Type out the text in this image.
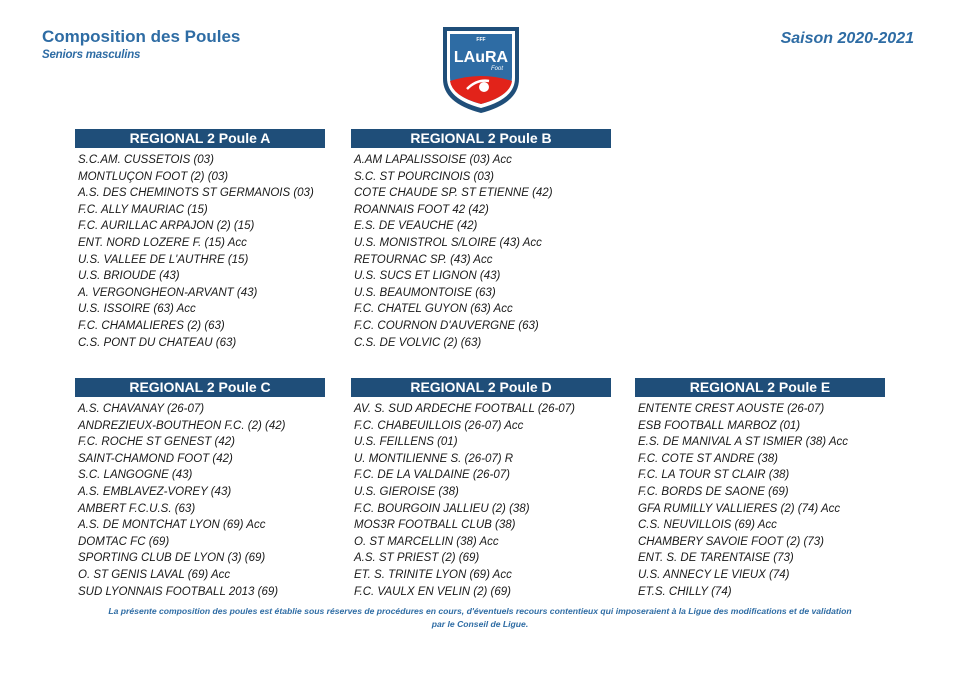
Composition des Poules
Seniors masculins
Saison 2020-2021
FFF
LAuRA
Foot
REGIONAL 2 Poule A
S.C.AM. CUSSETOIS (03)
MONTLUÇON FOOT (2) (03)
A.S. DES CHEMINOTS ST GERMANOIS (03)
F.C. ALLY MAURIAC (15)
F.C. AURILLAC ARPAJON (2) (15)
ENT. NORD LOZERE F. (15) Acc
U.S. VALLEE DE L'AUTHRE (15)
U.S. BRIOUDE (43)
A. VERGONGHEON-ARVANT (43)
U.S. ISSOIRE (63) Acc
F.C. CHAMALIERES (2) (63)
C.S. PONT DU CHATEAU (63)
REGIONAL 2 Poule B
A.AM LAPALISSOISE (03) Acc
S.C. ST POURCINOIS (03)
COTE CHAUDE SP. ST ETIENNE (42)
ROANNAIS FOOT 42 (42)
E.S. DE VEAUCHE (42)
U.S. MONISTROL S/LOIRE (43) Acc
RETOURNAC SP. (43) Acc
U.S. SUCS ET LIGNON (43)
U.S. BEAUMONTOISE (63)
F.C. CHATEL GUYON (63) Acc
F.C. COURNON D'AUVERGNE (63)
C.S. DE VOLVIC (2) (63)
REGIONAL 2 Poule C
A.S. CHAVANAY (26-07)
ANDREZIEUX-BOUTHEON F.C. (2) (42)
F.C. ROCHE ST GENEST (42)
SAINT-CHAMOND FOOT (42)
S.C. LANGOGNE (43)
A.S. EMBLAVEZ-VOREY (43)
AMBERT F.C.U.S. (63)
A.S. DE MONTCHAT LYON (69) Acc
DOMTAC FC (69)
SPORTING CLUB DE LYON (3) (69)
O. ST GENIS LAVAL (69) Acc
SUD LYONNAIS FOOTBALL 2013 (69)
REGIONAL 2 Poule D
AV. S. SUD ARDECHE FOOTBALL (26-07)
F.C. CHABEUILLOIS (26-07) Acc
U.S. FEILLENS (01)
U. MONTILIENNE S. (26-07) R
F.C. DE LA VALDAINE (26-07)
U.S. GIEROISE (38)
F.C. BOURGOIN JALLIEU (2) (38)
MOS3R FOOTBALL CLUB (38)
O. ST MARCELLIN (38) Acc
A.S. ST PRIEST (2) (69)
ET. S. TRINITE LYON (69) Acc
F.C. VAULX EN VELIN (2) (69)
REGIONAL 2 Poule E
ENTENTE CREST AOUSTE (26-07)
ESB FOOTBALL MARBOZ (01)
E.S. DE MANIVAL A ST ISMIER (38) Acc
F.C. COTE ST ANDRE (38)
F.C. LA TOUR ST CLAIR (38)
F.C. BORDS DE SAONE (69)
GFA RUMILLY VALLIERES (2) (74) Acc
C.S. NEUVILLOIS (69) Acc
CHAMBERY SAVOIE FOOT (2) (73)
ENT. S. DE TARENTAISE (73)
U.S. ANNECY LE VIEUX (74)
ET.S. CHILLY (74)
La présente composition des poules est établie sous réserves de procédures en cours, d'éventuels recours contentieux qui imposeraient à la Ligue des modifications et de validation
par le Conseil de Ligue.
